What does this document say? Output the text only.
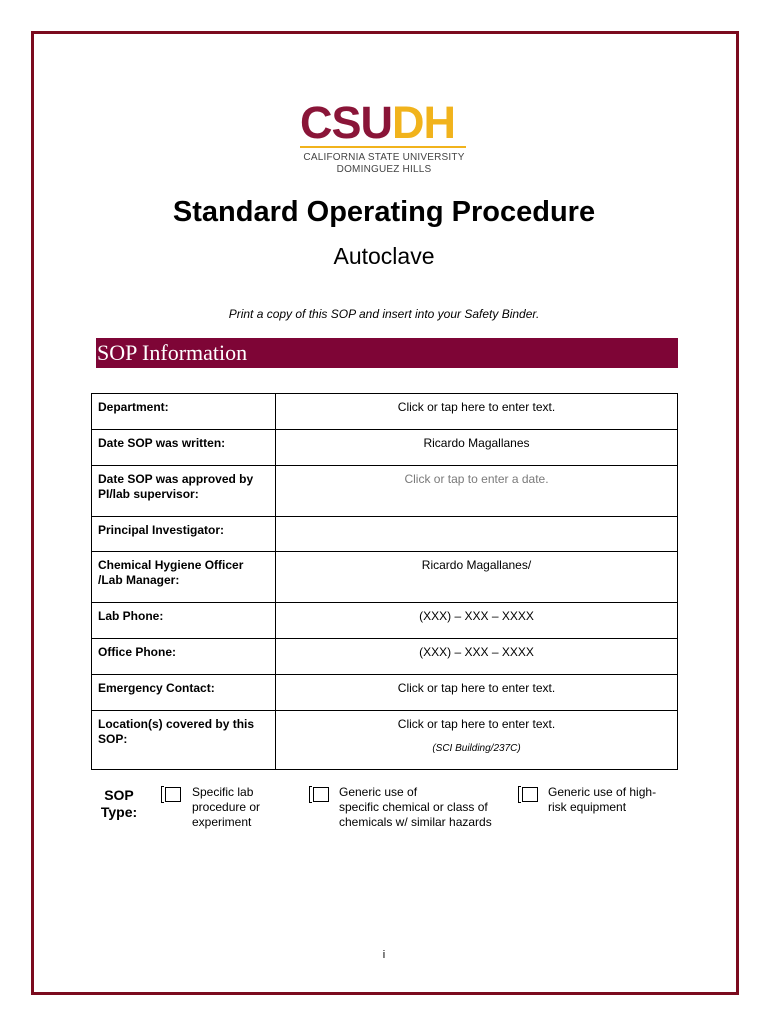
CSUDH
CALIFORNIA STATE UNIVERSITY
DOMINGUEZ HILLS
Standard Operating Procedure
Autoclave
Print a copy of this SOP and insert into your Safety Binder.
SOP Information
Department:	Click or tap here to enter text.
Date SOP was written:	Ricardo Magallanes
Date SOP was approved by PI/lab supervisor:	Click or tap to enter a date.
Principal Investigator:	
Chemical Hygiene Officer /Lab Manager:	Ricardo Magallanes/
Lab Phone:	(XXX) – XXX – XXXX
Office Phone:	(XXX) – XXX – XXXX
Emergency Contact:	Click or tap here to enter text.
Location(s) covered by this SOP:	Click or tap here to enter text.
(SCI Building/237C)
SOP
Type:
Specific lab
procedure or
experiment
Generic use of
specific chemical or class of
chemicals w/ similar hazards
Generic use of high-
risk equipment
i
